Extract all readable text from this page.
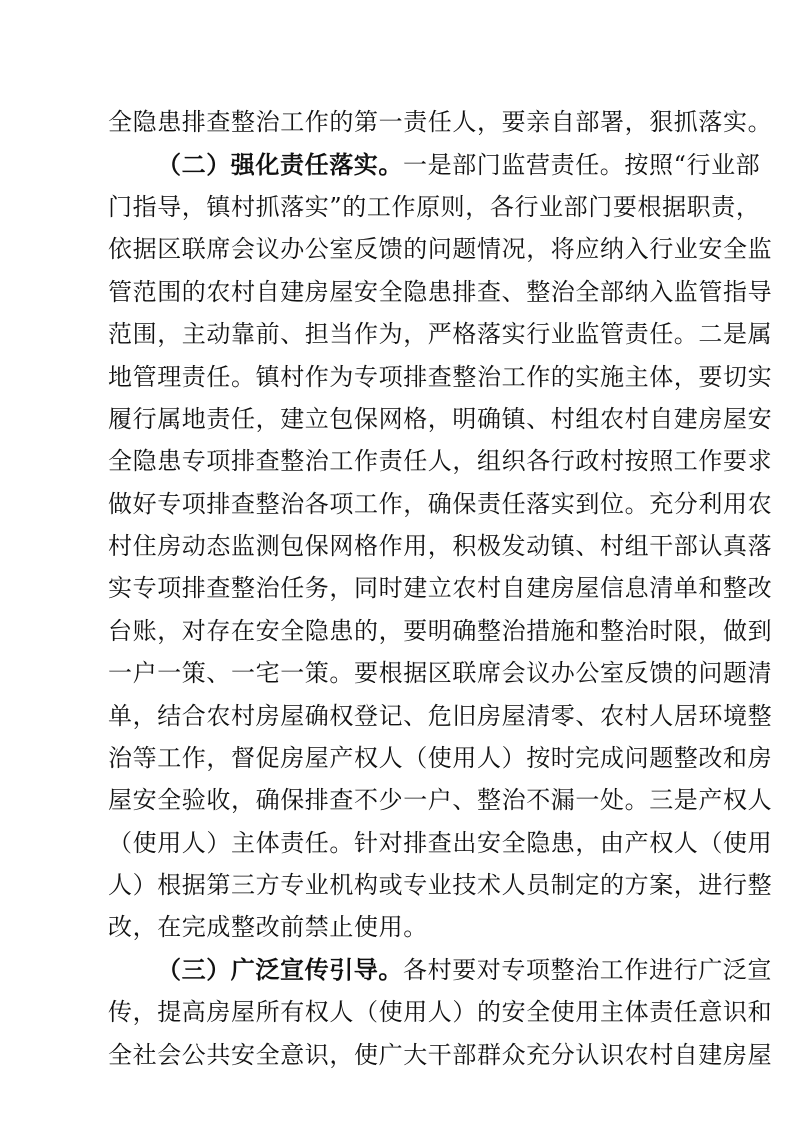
全隐患排查整治工作的第一责任人，要亲自部署，狠抓落实。
（二）强化责任落实。一是部门监营责任。按照“行业部
门指导，镇村抓落实”的工作原则，各行业部门要根据职责，
依据区联席会议办公室反馈的问题情况，将应纳入行业安全监
管范围的农村自建房屋安全隐患排查、整治全部纳入监管指导
范围，主动靠前、担当作为，严格落实行业监管责任。二是属
地管理责任。镇村作为专项排查整治工作的实施主体，要切实
履行属地责任，建立包保网格，明确镇、村组农村自建房屋安
全隐患专项排查整治工作责任人，组织各行政村按照工作要求
做好专项排查整治各项工作，确保责任落实到位。充分利用农
村住房动态监测包保网格作用，积极发动镇、村组干部认真落
实专项排查整治任务，同时建立农村自建房屋信息清单和整改
台账，对存在安全隐患的，要明确整治措施和整治时限，做到
一户一策、一宅一策。要根据区联席会议办公室反馈的问题清
单，结合农村房屋确权登记、危旧房屋清零、农村人居环境整
治等工作，督促房屋产权人（使用人）按时完成问题整改和房
屋安全验收，确保排查不少一户、整治不漏一处。三是产权人
（使用人）主体责任。针对排查出安全隐患，由产权人（使用
人）根据第三方专业机构或专业技术人员制定的方案，进行整
改，在完成整改前禁止使用。
（三）广泛宣传引导。各村要对专项整治工作进行广泛宣
传，提高房屋所有权人（使用人）的安全使用主体责任意识和
全社会公共安全意识，使广大干部群众充分认识农村自建房屋
